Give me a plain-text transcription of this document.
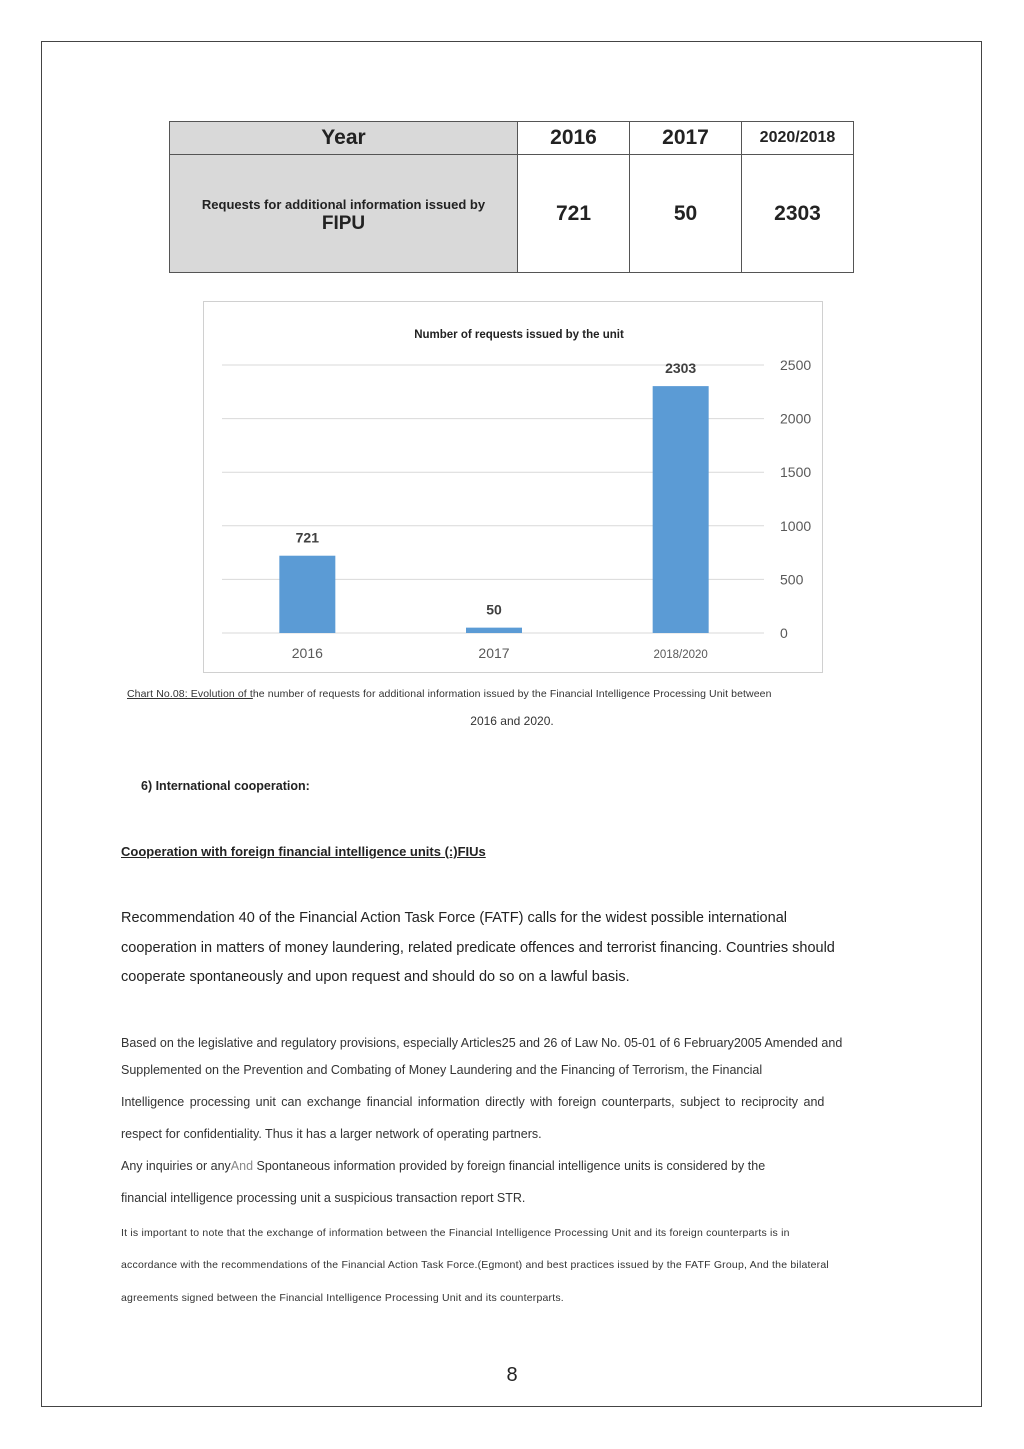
Year	2016	2017	2020/2018
Requests for additional information issued by
FIPU	721	50	2303
Number of requests issued by the unit
0
500
1000
1500
2000
2500
721
2016
50
2017
2303
2018/2020
Chart No.08: Evolution of the number of requests for additional information issued by the Financial Intelligence Processing Unit between
2016 and 2020.
6) International cooperation:
Cooperation with foreign financial intelligence units (:)FIUs
Recommendation 40 of the Financial Action Task Force (FATF) calls for the widest possible international
cooperation in matters of money laundering, related predicate offences and terrorist financing. Countries should
cooperate spontaneously and upon request and should do so on a lawful basis.
Based on the legislative and regulatory provisions, especially Articles25 and 26 of Law No. 05-01 of 6 February2005 Amended and
Supplemented on the Prevention and Combating of Money Laundering and the Financing of Terrorism, the Financial
Intelligence processing unit can exchange financial information directly with foreign counterparts, subject to reciprocity and
respect for confidentiality. Thus it has a larger network of operating partners.
Any inquiries or anyAnd Spontaneous information provided by foreign financial intelligence units is considered by the
financial intelligence processing unit a suspicious transaction report STR.
It is important to note that the exchange of information between the Financial Intelligence Processing Unit and its foreign counterparts is in
accordance with the recommendations of the Financial Action Task Force.(Egmont) and best practices issued by the FATF Group, And the bilateral
agreements signed between the Financial Intelligence Processing Unit and its counterparts.
8
